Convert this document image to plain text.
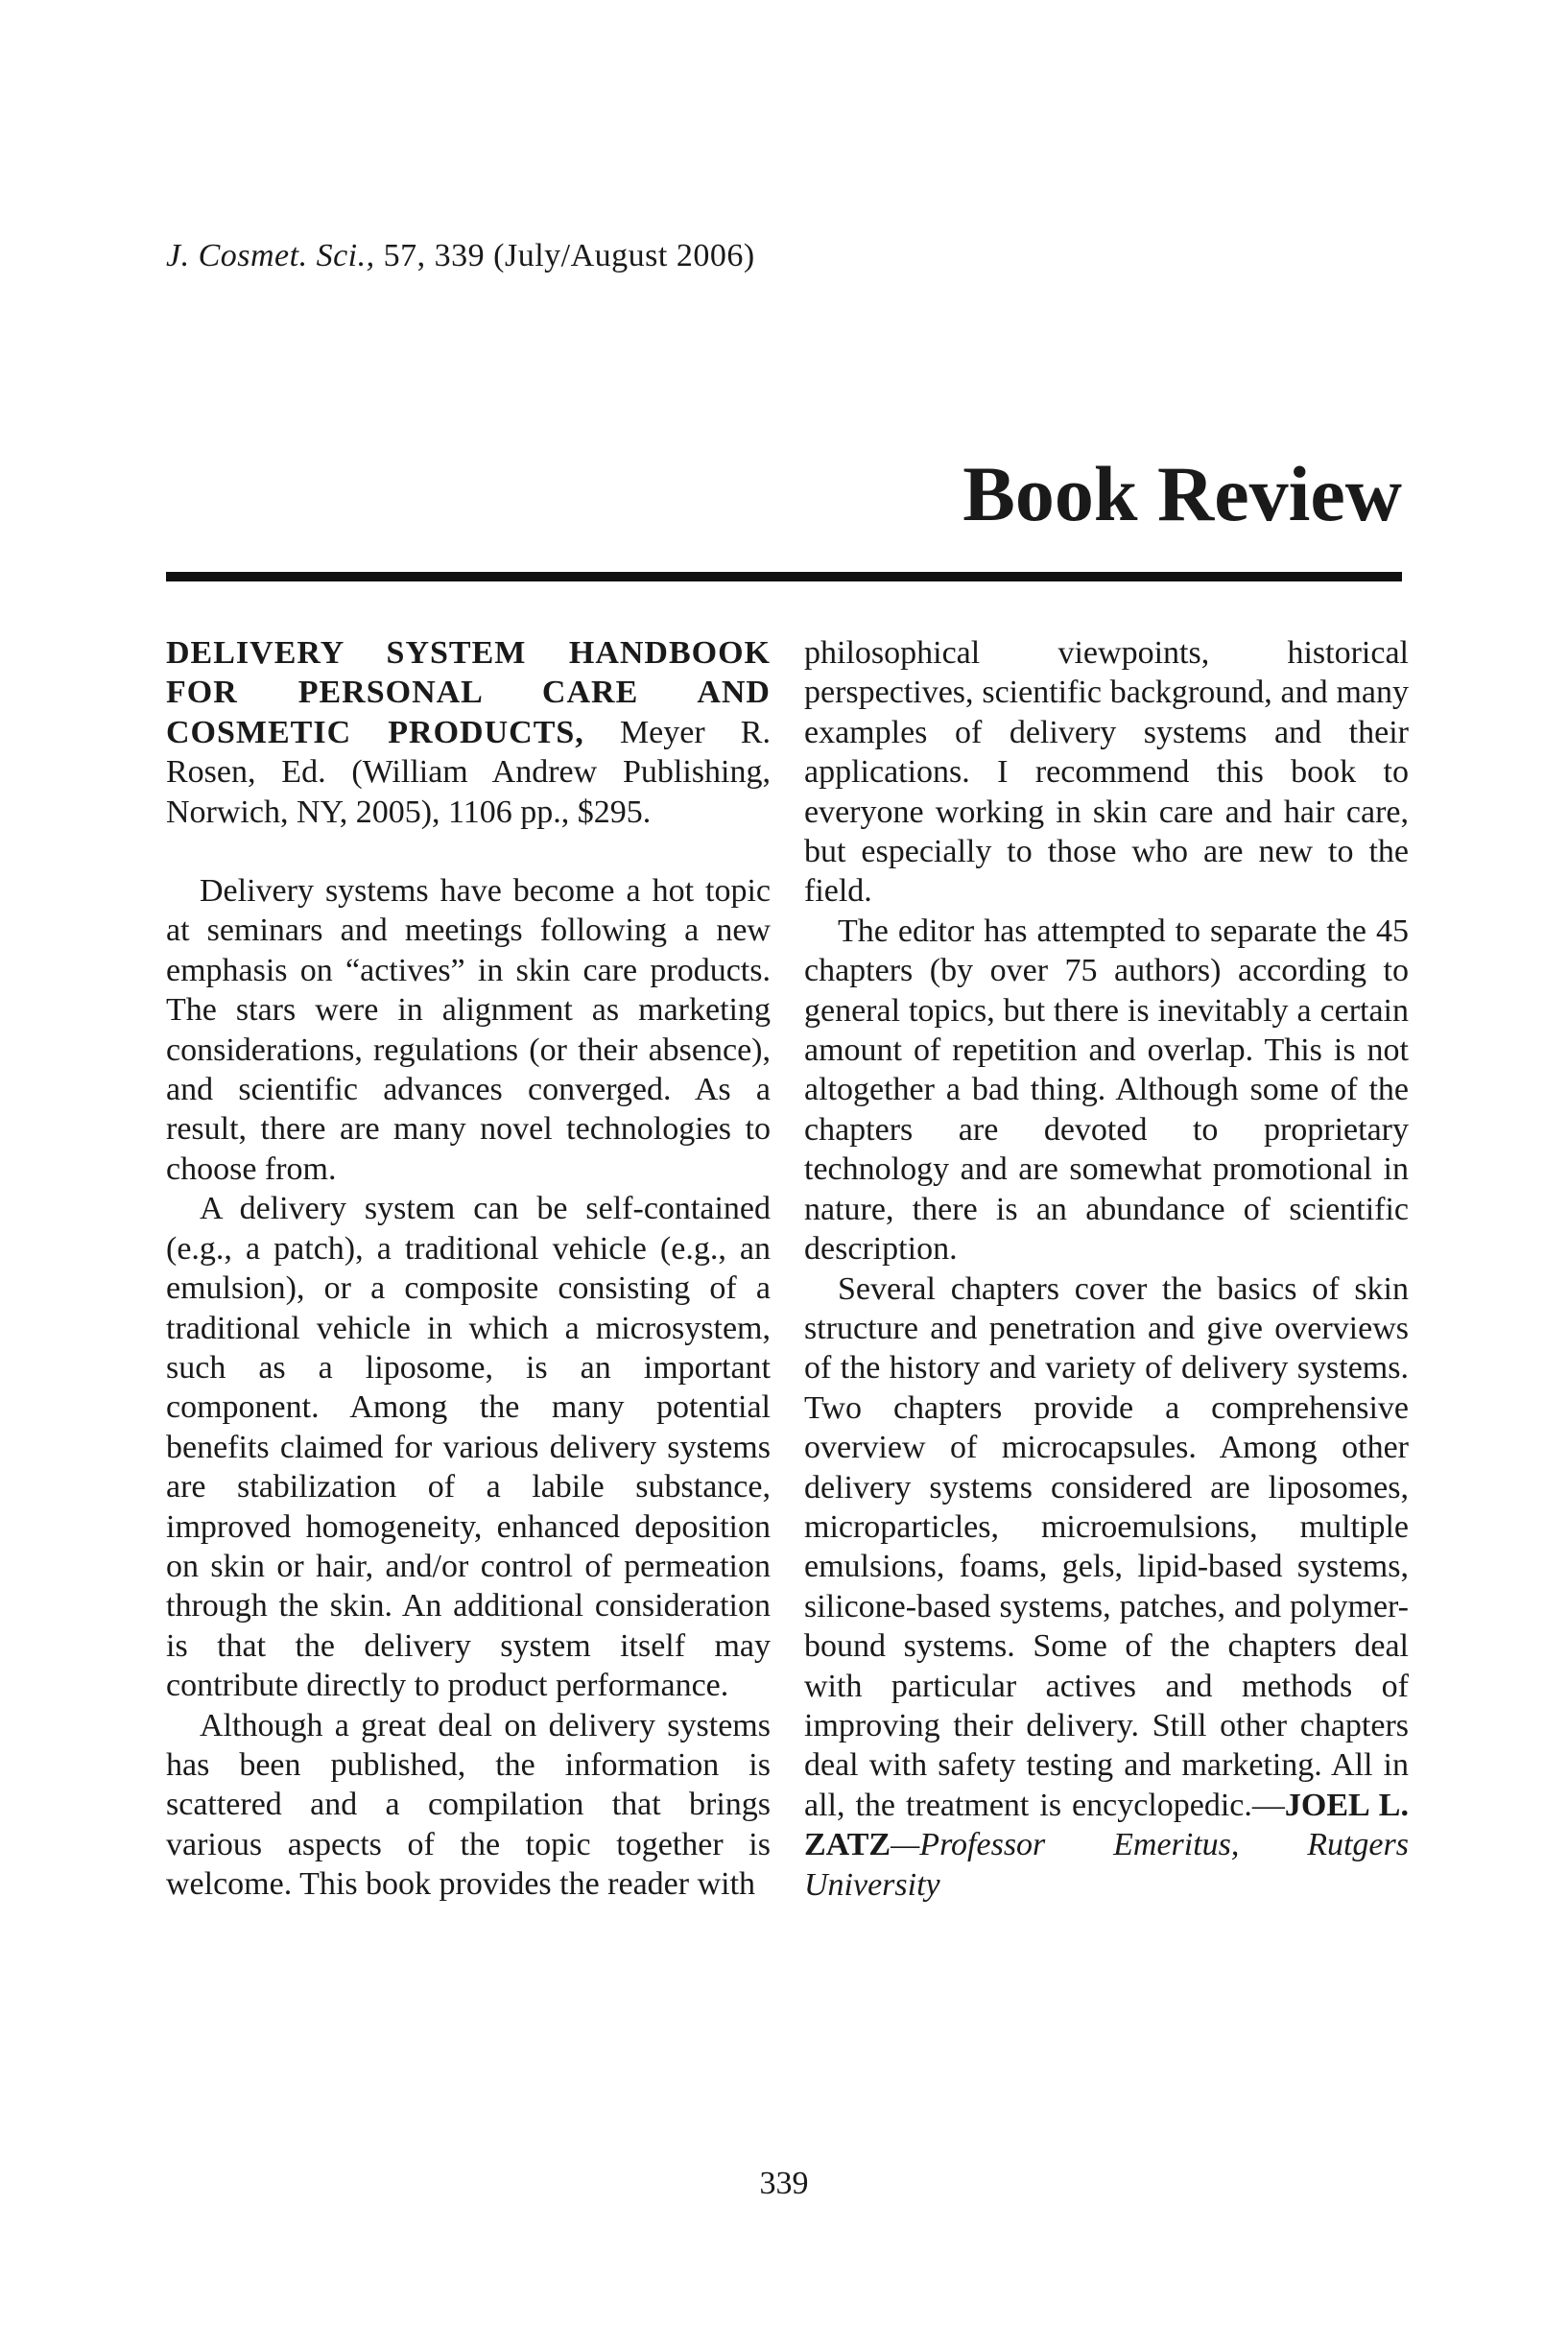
J. Cosmet. Sci., 57, 339 (July/August 2006)
Book Review

DELIVERY SYSTEM HANDBOOK FOR PERSONAL CARE AND COSMETIC PRODUCTS, Meyer R. Rosen, Ed. (William Andrew Publishing, Norwich, NY, 2005), 1106 pp., $295.

Delivery systems have become a hot topic at seminars and meetings following a new emphasis on “actives” in skin care products. The stars were in alignment as marketing considerations, regulations (or their absence), and scientific advances converged. As a result, there are many novel technologies to choose from.

A delivery system can be self-contained (e.g., a patch), a traditional vehicle (e.g., an emulsion), or a composite consisting of a traditional vehicle in which a microsystem, such as a liposome, is an important component. Among the many potential benefits claimed for various delivery systems are stabilization of a labile substance, improved homogeneity, enhanced deposition on skin or hair, and/or control of permeation through the skin. An additional consideration is that the delivery system itself may contribute directly to product performance.

Although a great deal on delivery systems has been published, the information is scattered and a compilation that brings various aspects of the topic together is welcome. This book provides the reader with

philosophical viewpoints, historical perspectives, scientific background, and many examples of delivery systems and their applications. I recommend this book to everyone working in skin care and hair care, but especially to those who are new to the field.

The editor has attempted to separate the 45 chapters (by over 75 authors) according to general topics, but there is inevitably a certain amount of repetition and overlap. This is not altogether a bad thing. Although some of the chapters are devoted to proprietary technology and are somewhat promotional in nature, there is an abundance of scientific description.

Several chapters cover the basics of skin structure and penetration and give overviews of the history and variety of delivery systems. Two chapters provide a comprehensive overview of microcapsules. Among other delivery systems considered are liposomes, microparticles, microemulsions, multiple emulsions, foams, gels, lipid-based systems, silicone-based systems, patches, and polymer-bound systems. Some of the chapters deal with particular actives and methods of improving their delivery. Still other chapters deal with safety testing and marketing. All in all, the treatment is encyclopedic.—JOEL L. ZATZ—Professor Emeritus, Rutgers University

339
